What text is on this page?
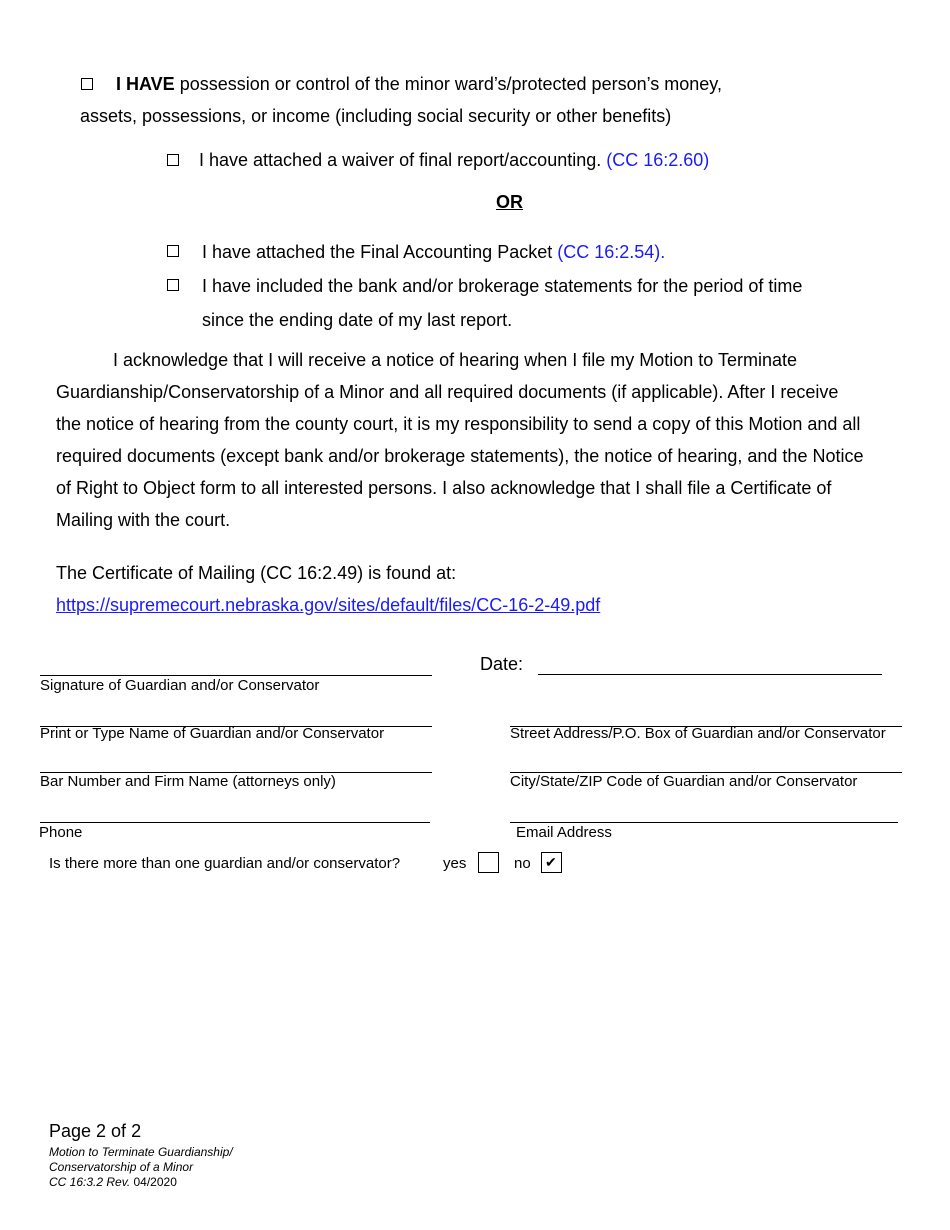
I HAVE possession or control of the minor ward’s/protected person’s money,
assets, possessions, or income (including social security or other benefits)
I have attached a waiver of final report/accounting. (CC 16:2.60)
OR
I have attached the Final Accounting Packet (CC 16:2.54).
I have included the bank and/or brokerage statements for the period of time
since the ending date of my last report.
I acknowledge that I will receive a notice of hearing when I file my Motion to Terminate
Guardianship/Conservatorship of a Minor and all required documents (if applicable). After I receive
the notice of hearing from the county court, it is my responsibility to send a copy of this Motion and all
required documents (except bank and/or brokerage statements), the notice of hearing, and the Notice
of Right to Object form to all interested persons. I also acknowledge that I shall file a Certificate of
Mailing with the court.
The Certificate of Mailing (CC 16:2.49) is found at:
https://supremecourt.nebraska.gov/sites/default/files/CC-16-2-49.pdf
Date:
Signature of Guardian and/or Conservator
Print or Type Name of Guardian and/or Conservator	Street Address/P.O. Box of Guardian and/or Conservator
Bar Number and Firm Name (attorneys only)	City/State/ZIP Code of Guardian and/or Conservator
Phone	Email Address
Is there more than one guardian and/or conservator?	yes	no ✔
Page 2 of 2
Motion to Terminate Guardianship/
Conservatorship of a Minor
CC 16:3.2 Rev. 04/2020
